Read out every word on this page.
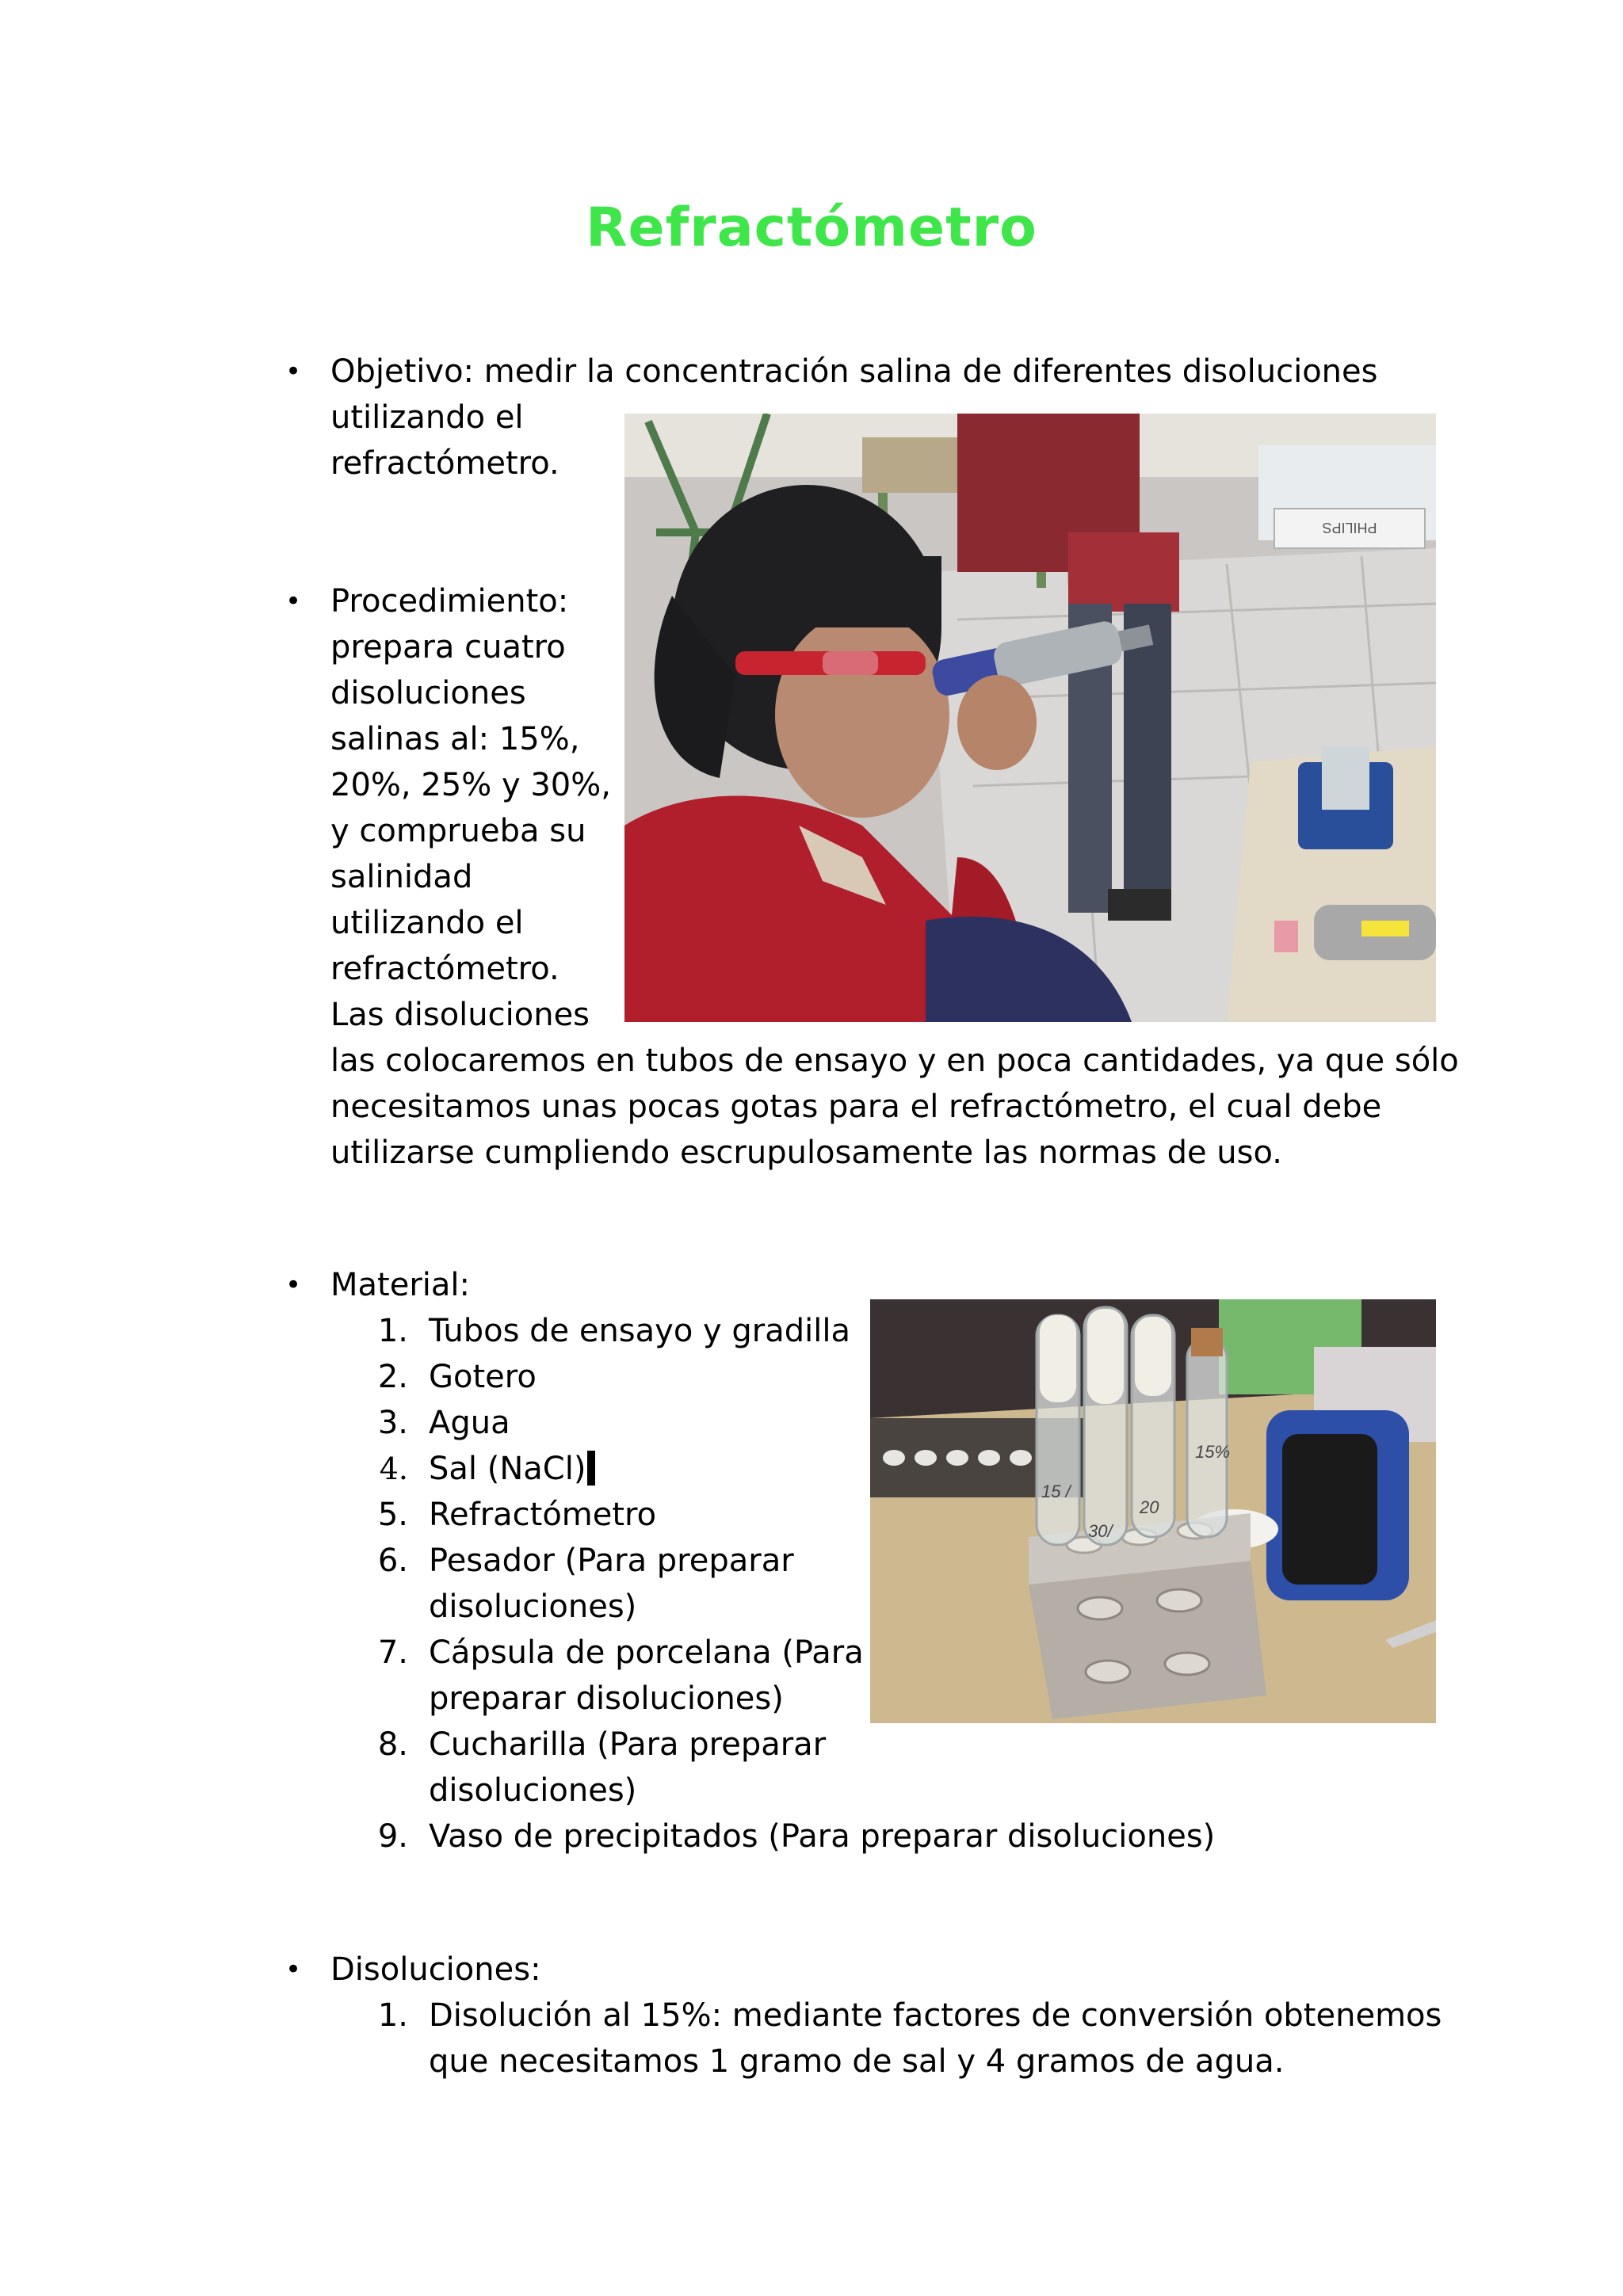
Refractómetro
• Objetivo: medir la concentración salina de diferentes disoluciones
utilizando el
refractómetro.
PHILIPS
• Procedimiento:
prepara cuatro
disoluciones
salinas al: 15%,
20%, 25% y 30%,
y comprueba su
salinidad
utilizando el
refractómetro.
Las disoluciones
las colocaremos en tubos de ensayo y en poca cantidades, ya que sólo
necesitamos unas pocas gotas para el refractómetro, el cual debe
utilizarse cumpliendo escrupulosamente las normas de uso.
• Material:
1. Tubos de ensayo y gradilla
2. Gotero
3. Agua
4. Sal (NaCl)
5. Refractómetro
6. Pesador (Para preparar
disoluciones)
7. Cápsula de porcelana (Para
preparar disoluciones)
8. Cucharilla (Para preparar
disoluciones)
9. Vaso de precipitados (Para preparar disoluciones)
15 /
30/
20
15%
• Disoluciones:
1. Disolución al 15%: mediante factores de conversión obtenemos
que necesitamos 1 gramo de sal y 4 gramos de agua.
